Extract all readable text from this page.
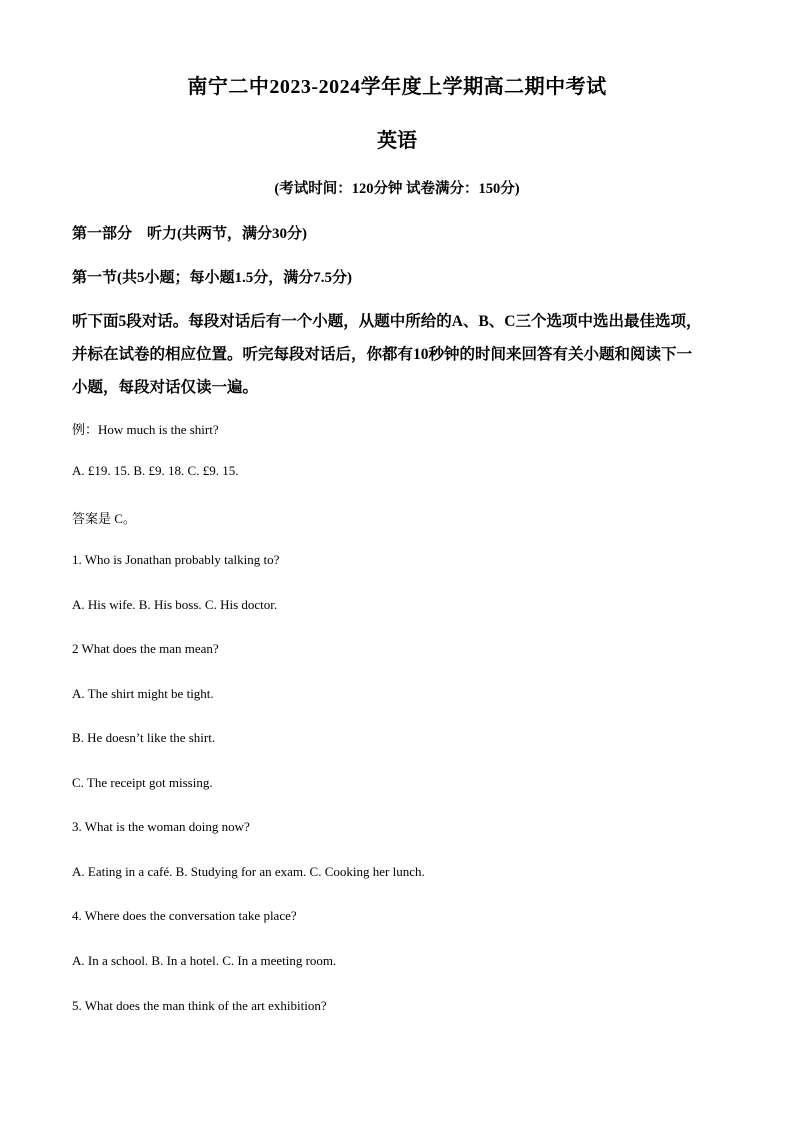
南宁二中2023-2024学年度上学期高二期中考试
英语
(考试时间：120分钟 试卷满分：150分)
第一部分　听力(共两节，满分30分)
第一节(共5小题；每小题1.5分，满分7.5分)
听下面5段对话。每段对话后有一个小题，从题中所给的A、B、C三个选项中选出最佳选项，
并标在试卷的相应位置。听完每段对话后，你都有10秒钟的时间来回答有关小题和阅读下一
小题，每段对话仅读一遍。
例：How much is the shirt?
A. £19. 15. B. £9. 18. C. £9. 15.
答案是 C。
1. Who is Jonathan probably talking to?
A. His wife. B. His boss. C. His doctor.
2 What does the man mean?
A. The shirt might be tight.
B. He doesn’t like the shirt.
C. The receipt got missing.
3. What is the woman doing now?
A. Eating in a café. B. Studying for an exam. C. Cooking her lunch.
4. Where does the conversation take place?
A. In a school. B. In a hotel. C. In a meeting room.
5. What does the man think of the art exhibition?
